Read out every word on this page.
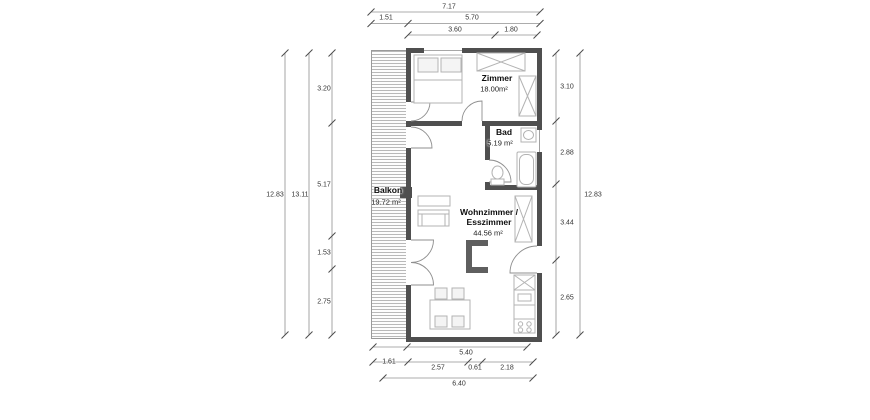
7.17
1.51	5.70
3.60	1.80
5.40
1.61
2.57	0.61	2.18
6.40
12.83 13.11
3.20
5.17
1.53
2.75
3.10
2.88
3.44
2.65
12.83
Zimmer
18.00m²
Bad
5.19 m²
Wohnzimmer /
Esszimmer
44.56 m²
Balkon
19.72 m²
